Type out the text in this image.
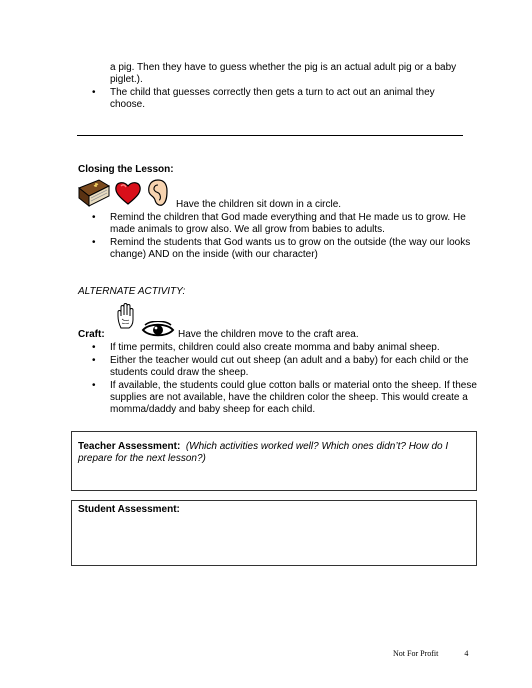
a pig. Then they have to guess whether the pig is an actual adult pig or a baby piglet.).
• The child that guesses correctly then gets a turn to act out an animal they choose.
Closing the Lesson:
Have the children sit down in a circle.
• Remind the children that God made everything and that He made us to grow. He made animals to grow also. We all grow from babies to adults.
• Remind the students that God wants us to grow on the outside (the way our looks change) AND on the inside (with our character)
ALTERNATE ACTIVITY:
Craft:	Have the children move to the craft area.
• If time permits, children could also create momma and baby animal sheep.
• Either the teacher would cut out sheep (an adult and a baby) for each child or the students could draw the sheep.
• If available, the students could glue cotton balls or material onto the sheep. If these supplies are not available, have the children color the sheep. This would create a momma/daddy and baby sheep for each child.
Teacher Assessment: (Which activities worked well? Which ones didn’t? How do I prepare for the next lesson?)
Student Assessment:
Not For Profit	4
